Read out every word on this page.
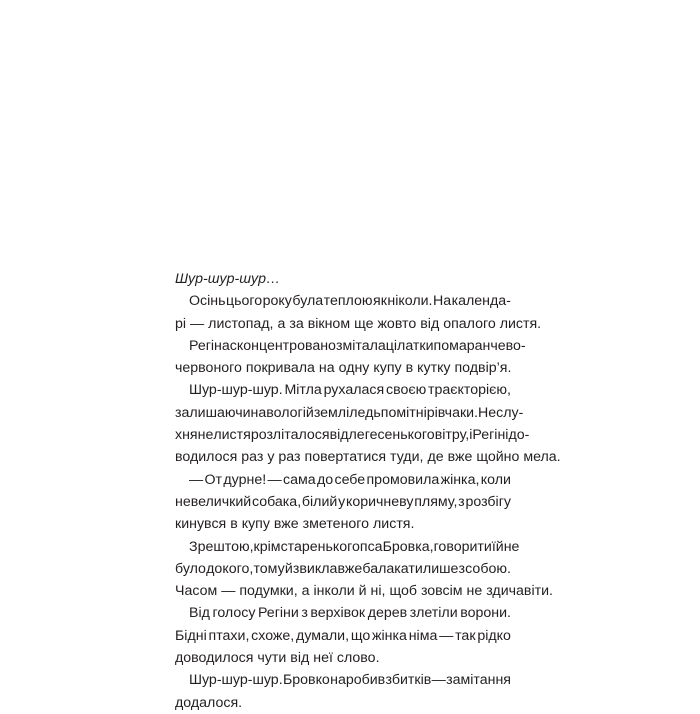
Шур-шур-шур…
Осінь цього року була теплою як ніколи. На календа-
рі — листопад, а за вікном ще жовто від опалого листя.
Регіна сконцентровано змітала ці латки помаранчево-
червоного покривала на одну купу в кутку подвір’я.
Шур-шур-шур. Мітла рухалася своєю траєкторією,
залишаючи на вологій землі ледь помітні рівчаки. Неслу-
хняне листя розліталося від легесенького вітру, і Регіні до-
водилося раз у раз повертатися туди, де вже щойно мела.
— От дурне! — сама до себе промовила жінка, коли
невеличкий собака, білий у коричневу пляму, з розбігу
кинувся в купу вже зметеного листя.
Зрештою, крім старенького пса Бровка, говорити їй не
було до кого, тому й звикла вже балакати лише з собою.
Часом — подумки, а інколи й ні, щоб зовсім не здичавіти.
Від голосу Регіни з верхівок дерев злетіли ворони.
Бідні птахи, схоже, думали, що жінка німа — так рідко
доводилося чути від неї слово.
Шур-шур-шур. Бровко наробив збитків — замітання
додалося.
